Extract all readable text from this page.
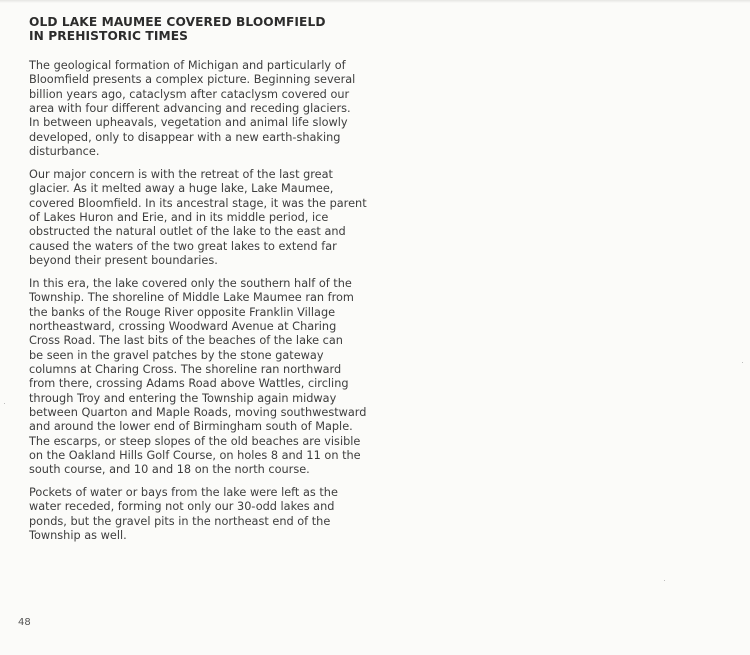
OLD LAKE MAUMEE COVERED BLOOMFIELD
IN PREHISTORIC TIMES

The geological formation of Michigan and particularly of
Bloomfield presents a complex picture. Beginning several
billion years ago, cataclysm after cataclysm covered our
area with four different advancing and receding glaciers.
In between upheavals, vegetation and animal life slowly
developed, only to disappear with a new earth-shaking
disturbance.

Our major concern is with the retreat of the last great
glacier. As it melted away a huge lake, Lake Maumee,
covered Bloomfield. In its ancestral stage, it was the parent
of Lakes Huron and Erie, and in its middle period, ice
obstructed the natural outlet of the lake to the east and
caused the waters of the two great lakes to extend far
beyond their present boundaries.

In this era, the lake covered only the southern half of the
Township. The shoreline of Middle Lake Maumee ran from
the banks of the Rouge River opposite Franklin Village
northeastward, crossing Woodward Avenue at Charing
Cross Road. The last bits of the beaches of the lake can
be seen in the gravel patches by the stone gateway
columns at Charing Cross. The shoreline ran northward
from there, crossing Adams Road above Wattles, circling
through Troy and entering the Township again midway
between Quarton and Maple Roads, moving southwestward
and around the lower end of Birmingham south of Maple.
The escarps, or steep slopes of the old beaches are visible
on the Oakland Hills Golf Course, on holes 8 and 11 on the
south course, and 10 and 18 on the north course.

Pockets of water or bays from the lake were left as the
water receded, forming not only our 30-odd lakes and
ponds, but the gravel pits in the northeast end of the
Township as well.

48
